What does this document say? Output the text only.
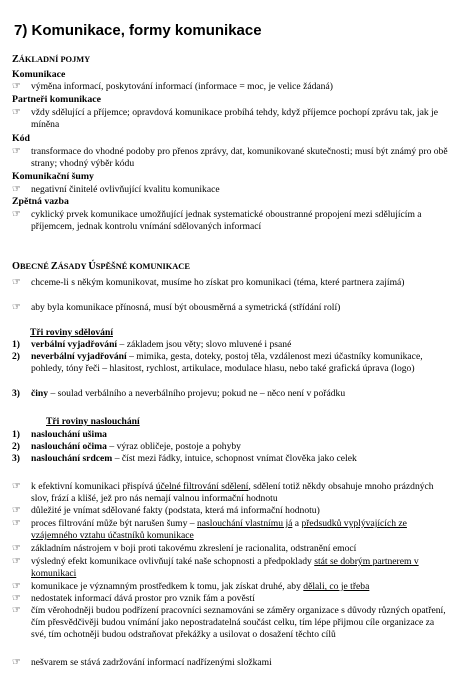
7) Komunikace, formy komunikace
ZÁKLADNÍ POJMY
Komunikace
☞ výměna informací, poskytování informací (informace = moc, je velice žádaná)
Partneři komunikace
☞ vždy sdělující a příjemce; opravdová komunikace probíhá tehdy, když příjemce pochopí zprávu tak, jak je míněna
Kód
☞ transformace do vhodné podoby pro přenos zprávy, dat, komunikované skutečnosti; musí být známý pro obě strany; vhodný výběr kódu
Komunikační šumy
☞ negativní činitelé ovlivňující kvalitu komunikace
Zpětná vazba
☞ cyklický prvek komunikace umožňující jednak systematické oboustranné propojení mezi sdělujícím a příjemcem, jednak kontrolu vnímání sdělovaných informací
OBECNÉ ZÁSADY ÚSPĚŠNÉ KOMUNIKACE
☞ chceme-li s někým komunikovat, musíme ho získat pro komunikaci (téma, které partnera zajímá)
☞ aby byla komunikace přínosná, musí být obousměrná a symetrická (střídání rolí)
Tři roviny sdělování
1) verbální vyjadřování – základem jsou věty; slovo mluvené i psané
2) neverbální vyjadřování – mimika, gesta, doteky, postoj těla, vzdálenost mezi účastníky komunikace, pohledy, tóny řeči – hlasitost, rychlost, artikulace, modulace hlasu, nebo také grafická úprava (logo)
3) činy – soulad verbálního a neverbálního projevu; pokud ne – něco není v pořádku
Tři roviny naslouchání
1) naslouchání ušima
2) naslouchání očima – výraz obličeje, postoje a pohyby
3) naslouchání srdcem – číst mezi řádky, intuice, schopnost vnímat člověka jako celek
☞ k efektivní komunikaci přispívá účelné filtrování sdělení, sdělení totiž někdy obsahuje mnoho prázdných slov, frází a klišé, jež pro nás nemají valnou informační hodnotu
☞ důležité je vnímat sdělované fakty (podstata, která má informační hodnotu)
☞ proces filtrování může být narušen šumy – naslouchání vlastnímu já a předsudků vyplývajících ze vzájemného vztahu účastníků komunikace
☞ základním nástrojem v boji proti takovému zkreslení je racionalita, odstranění emocí
☞ výsledný efekt komunikace ovlivňují také naše schopnosti a předpoklady stát se dobrým partnerem v komunikaci
☞ komunikace je významným prostředkem k tomu, jak získat druhé, aby dělali, co je třeba
☞ nedostatek informací dává prostor pro vznik fám a pověstí
☞ čím věrohodněji budou podřízení pracovníci seznamováni se záměry organizace s důvody různých opatření, čím přesvědčivěji budou vnímání jako nepostradatelná součást celku, tím lépe přijmou cíle organizace za své, tím ochotněji budou odstraňovat překážky a usilovat o dosažení těchto cílů
☞ nešvarem se stává zadržování informací nadřízenými složkami
